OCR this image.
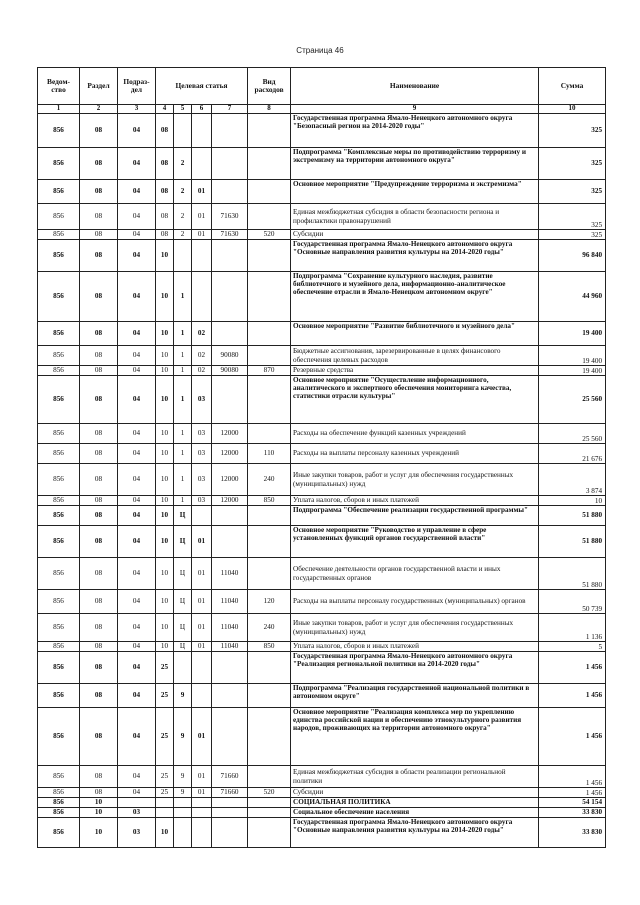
Страница 46
Ведом-ство	Раздел	Подраз-дел	Целевая статья				Вид расходов	Наименование	Сумма
1	2	3	4	5	6	7	8	9	10
856	08	04	08					Государственная программа Ямало-Ненецкого автономного округа "Безопасный регион на 2014-2020 годы"	325
856	08	04	08	2				Подпрограмма "Комплексные меры по противодействию терроризму и экстремизму на территории автономного округа"	325
856	08	04	08	2	01			Основное мероприятие "Предупреждение терроризма и экстремизма"	325
856	08	04	08	2	01	71630		Единая межбюджетная субсидия в области безопасности региона и профилактики правонарушений	325
856	08	04	08	2	01	71630	520	Субсидии	325
856	08	04	10					Государственная программа Ямало-Ненецкого автономного округа "Основные направления развития культуры на 2014-2020 годы"	96 840
856	08	04	10	1				Подпрограмма "Сохранение культурного наследия, развитие библиотечного и музейного дела, информационно-аналитическое обеспечение отрасли в Ямало-Ненецком автономном округе"	44 960
856	08	04	10	1	02			Основное мероприятие "Развитие библиотечного и музейного дела"	19 400
856	08	04	10	1	02	90080		Бюджетные ассигнования, зарезервированные в целях финансового обеспечения целевых расходов	19 400
856	08	04	10	1	02	90080	870	Резервные средства	19 400
856	08	04	10	1	03			Основное мероприятие "Осуществление информационного, аналитического и экспертного обеспечения мониторинга качества, статистики отрасли культуры"	25 560
856	08	04	10	1	03	12000		Расходы на обеспечение функций казенных учреждений	25 560
856	08	04	10	1	03	12000	110	Расходы на выплаты персоналу казенных учреждений	21 676
856	08	04	10	1	03	12000	240	Иные закупки товаров, работ и услуг для обеспечения государственных (муниципальных) нужд	3 874
856	08	04	10	1	03	12000	850	Уплата налогов, сборов и иных платежей	10
856	08	04	10	Ц				Подпрограмма "Обеспечение реализации государственной программы"	51 880
856	08	04	10	Ц	01			Основное мероприятие "Руководство и управление в сфере установленных функций органов государственной власти"	51 880
856	08	04	10	Ц	01	11040		Обеспечение деятельности органов государственной власти и иных государственных органов	51 880
856	08	04	10	Ц	01	11040	120	Расходы на выплаты персоналу государственных (муниципальных) органов	50 739
856	08	04	10	Ц	01	11040	240	Иные закупки товаров, работ и услуг для обеспечения государственных (муниципальных) нужд	1 136
856	08	04	10	Ц	01	11040	850	Уплата налогов, сборов и иных платежей	5
856	08	04	25					Государственная программа Ямало-Ненецкого автономного округа "Реализация региональной политики на 2014-2020 годы"	1 456
856	08	04	25	9				Подпрограмма "Реализация государственной национальной политики в автономном округе"	1 456
856	08	04	25	9	01			Основное мероприятие "Реализация комплекса мер по укреплению единства российской нации и обеспечению этнокультурного развития народов, проживающих на территории автономного округа"	1 456
856	08	04	25	9	01	71660		Единая межбюджетная субсидия в области реализации региональной политики	1 456
856	08	04	25	9	01	71660	520	Субсидии	1 456
856	10							СОЦИАЛЬНАЯ ПОЛИТИКА	54 154
856	10	03						Социальное обеспечение населения	33 830
856	10	03	10					Государственная программа Ямало-Ненецкого автономного округа "Основные направления развития культуры на 2014-2020 годы"	33 830
